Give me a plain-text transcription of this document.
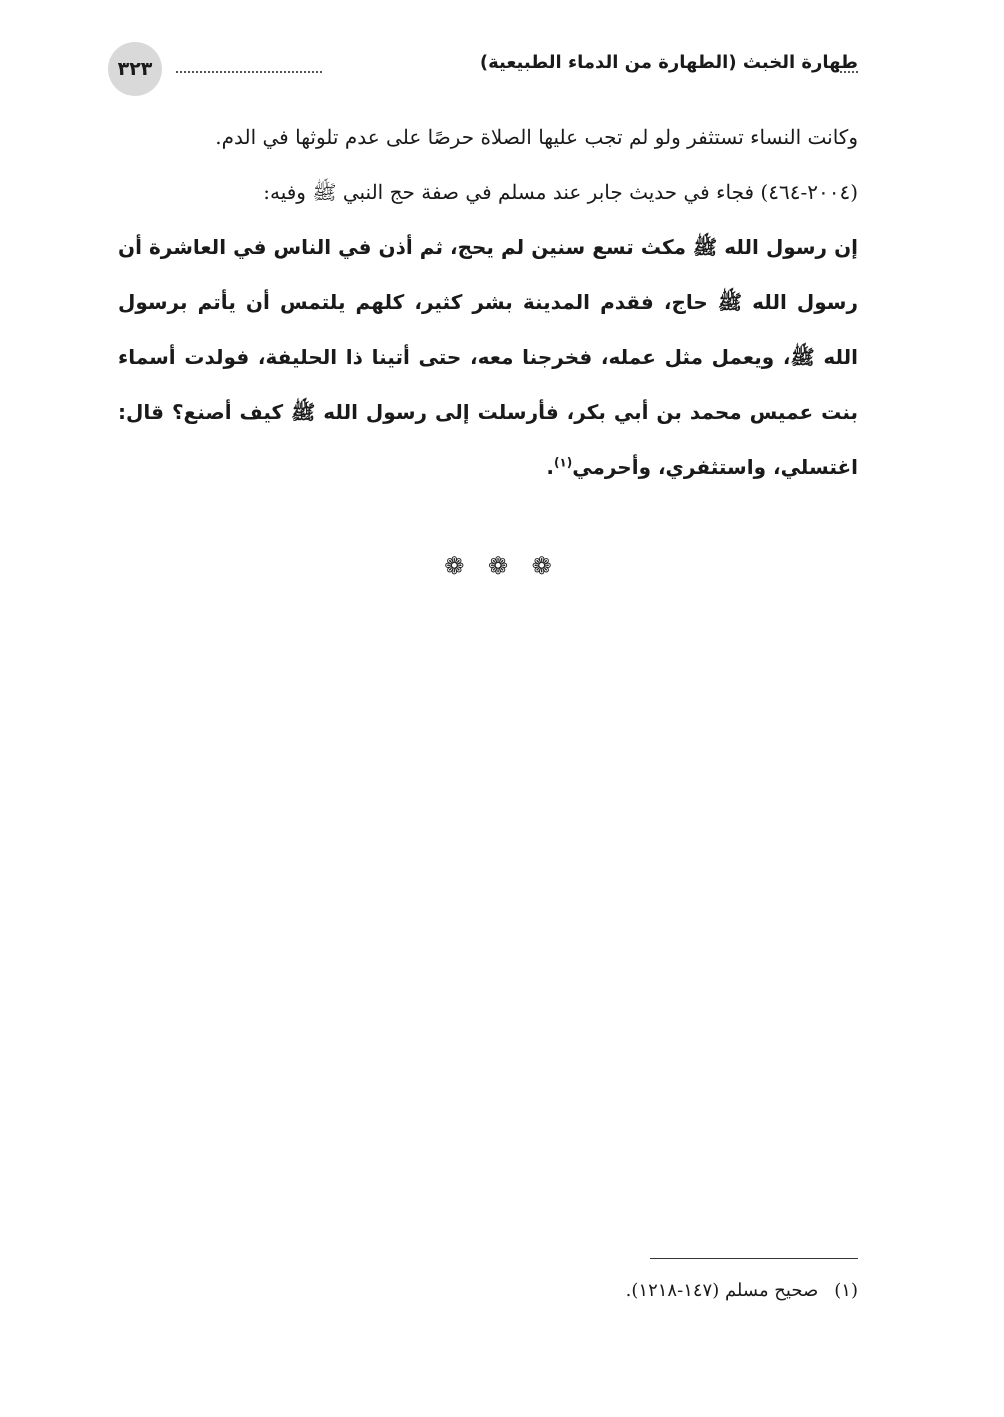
٣٢٣	طهارة الخبث (الطهارة من الدماء الطبيعية)

وكانت النساء تستثفر ولو لم تجب عليها الصلاة حرصًا على عدم تلوثها في الدم.

(٢٠٠٤-٤٦٤) فجاء في حديث جابر عند مسلم في صفة حج النبي ﷺ وفيه:

إن رسول الله ﷺ مكث تسع سنين لم يحج، ثم أذن في الناس في العاشرة أن رسول الله ﷺ حاج، فقدم المدينة بشر كثير، كلهم يلتمس أن يأتم برسول الله ﷺ، ويعمل مثل عمله، فخرجنا معه، حتى أتينا ذا الحليفة، فولدت أسماء بنت عميس محمد بن أبي بكر، فأرسلت إلى رسول الله ﷺ كيف أصنع؟ قال: اغتسلي، واستثفري، وأحرمي$^{(١)}$.

❁ ❁ ❁
(١)صحيح مسلم (١٤٧-١٢١٨).
